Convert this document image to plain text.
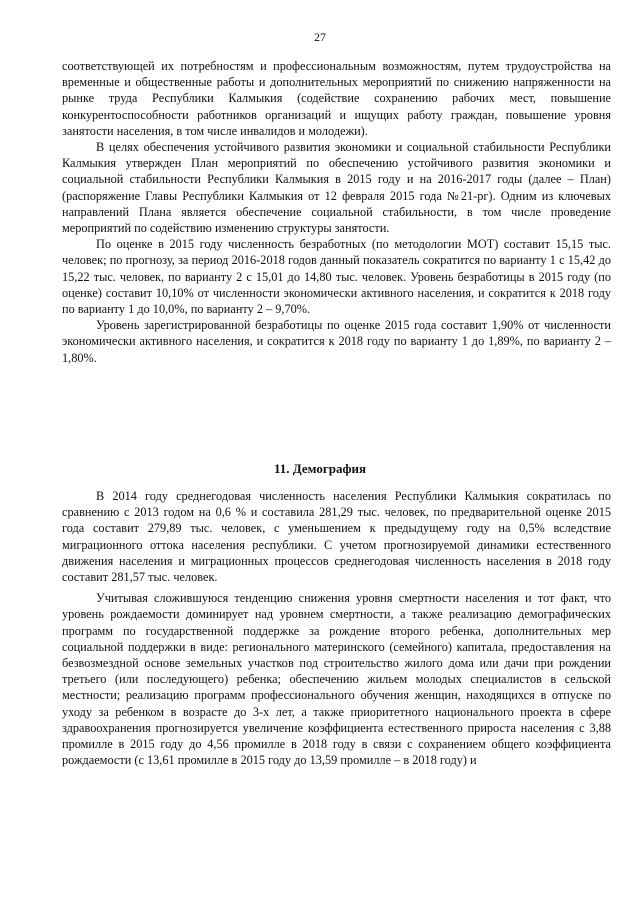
27

соответствующей их потребностям и профессиональным возможностям, путем трудоустройства на временные и общественные работы и дополнительных мероприятий по снижению напряженности на рынке труда Республики Калмыкия (содействие сохранению рабочих мест, повышение конкурентоспособности работников организаций и ищущих работу граждан, повышение уровня занятости населения, в том числе инвалидов и молодежи).

В целях обеспечения устойчивого развития экономики и социальной стабильности Республики Калмыкия утвержден План мероприятий по обеспечению устойчивого развития экономики и социальной стабильности Республики Калмыкия в 2015 году и на 2016-2017 годы (далее – План) (распоряжение Главы Республики Калмыкия от 12 февраля 2015 года №21-рг). Одним из ключевых направлений Плана является обеспечение социальной стабильности, в том числе проведение мероприятий по содействию изменению структуры занятости.

По оценке в 2015 году численность безработных (по методологии МОТ) составит 15,15 тыс. человек; по прогнозу, за период 2016-2018 годов данный показатель сократится по варианту 1 с 15,42 до 15,22 тыс. человек, по варианту 2 с 15,01 до 14,80 тыс. человек. Уровень безработицы в 2015 году (по оценке) составит 10,10% от численности экономически активного населения, и сократится к 2018 году по варианту 1 до 10,0%, по варианту 2 – 9,70%.

Уровень зарегистрированной безработицы по оценке 2015 года составит 1,90% от численности экономически активного населения, и сократится к 2018 году по варианту 1 до 1,89%, по варианту 2 – 1,80%.

11. Демография

В 2014 году среднегодовая численность населения Республики Калмыкия сократилась по сравнению с 2013 годом на 0,6 % и составила 281,29 тыс. человек, по предварительной оценке 2015 года составит 279,89 тыс. человек, с уменьшением к предыдущему году на 0,5% вследствие миграционного оттока населения республики. С учетом прогнозируемой динамики естественного движения населения и миграционных процессов среднегодовая численность населения в 2018 году составит 281,57 тыс. человек.

Учитывая сложившуюся тенденцию снижения уровня смертности населения и тот факт, что уровень рождаемости доминирует над уровнем смертности, а также реализацию демографических программ по государственной поддержке за рождение второго ребенка, дополнительных мер социальной поддержки в виде: регионального материнского (семейного) капитала, предоставления на безвозмездной основе земельных участков под строительство жилого дома или дачи при рождении третьего (или последующего) ребенка; обеспечению жильем молодых специалистов в сельской местности; реализацию программ профессионального обучения женщин, находящихся в отпуске по уходу за ребенком в возрасте до 3-х лет, а также приоритетного национального проекта в сфере здравоохранения прогнозируется увеличение коэффициента естественного прироста населения с 3,88 промилле в 2015 году до 4,56 промилле в 2018 году в связи с сохранением общего коэффициента рождаемости (с 13,61 промилле в 2015 году до 13,59 промилле – в 2018 году) и
